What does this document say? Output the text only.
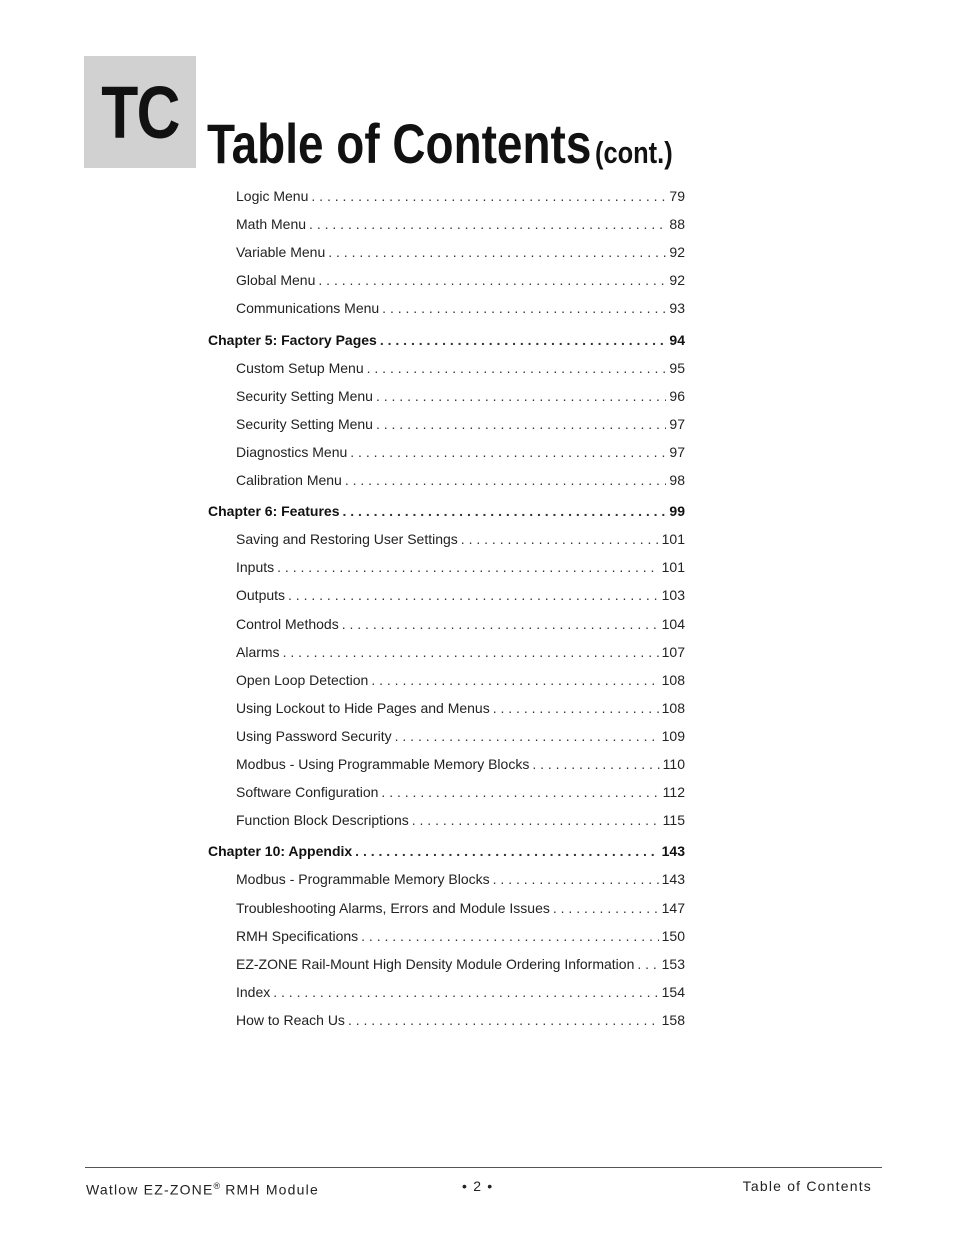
TC Table of Contents (cont.)
Logic Menu . . .	79
Math Menu . . .	88
Variable Menu . . .	92
Global Menu . . .	92
Communications Menu . . .	93
Chapter 5: Factory Pages . . .	94
Custom Setup Menu . . .	95
Security Setting Menu . . .	96
Security Setting Menu . . .	97
Diagnostics Menu . . .	97
Calibration Menu . . .	98
Chapter 6: Features . . .	99
Saving and Restoring User Settings . . .	101
Inputs . . .	101
Outputs . . .	103
Control Methods . . .	104
Alarms . . .	107
Open Loop Detection . . .	108
Using Lockout to Hide Pages and Menus . . .	108
Using Password Security . . .	109
Modbus - Using Programmable Memory Blocks . . .	110
Software Configuration . . .	112
Function Block Descriptions . . .	115
Chapter 10: Appendix . . .	143
Modbus - Programmable Memory Blocks . . .	143
Troubleshooting Alarms, Errors and Module Issues . . .	147
RMH Specifications . . .	150
EZ-ZONE Rail-Mount High Density Module Ordering Information . . . 153
Index . . .	154
How to Reach Us . . .	158
Watlow EZ-ZONE® RMH Module	• 2 •	Table of Contents
